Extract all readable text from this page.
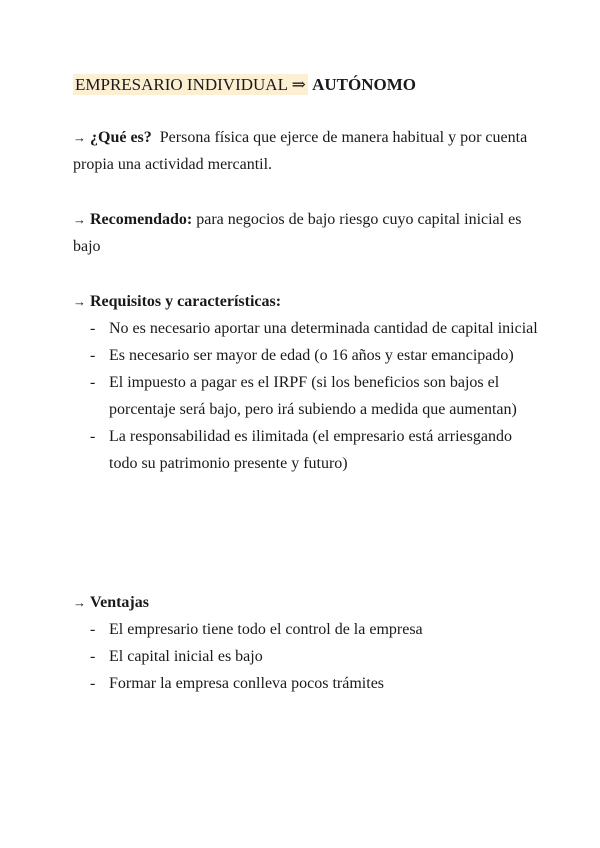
EMPRESARIO INDIVIDUAL ⇒ AUTÓNOMO
→ ¿Qué es? Persona física que ejerce de manera habitual y por cuenta propia una actividad mercantil.
→ Recomendado: para negocios de bajo riesgo cuyo capital inicial es bajo
→ Requisitos y características:
- No es necesario aportar una determinada cantidad de capital inicial
- Es necesario ser mayor de edad (o 16 años y estar emancipado)
- El impuesto a pagar es el IRPF (si los beneficios son bajos el porcentaje será bajo, pero irá subiendo a medida que aumentan)
- La responsabilidad es ilimitada (el empresario está arriesgando todo su patrimonio presente y futuro)
→ Ventajas
- El empresario tiene todo el control de la empresa
- El capital inicial es bajo
- Formar la empresa conlleva pocos trámites
